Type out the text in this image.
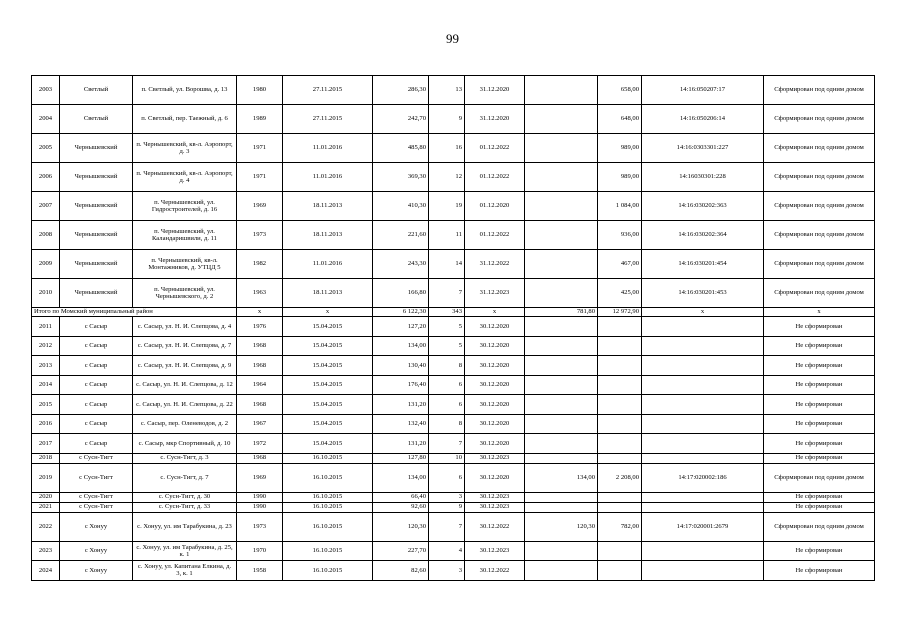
99
2003	Светлый	п. Светлый, ул. Ворошва, д. 13	1980	27.11.2015	286,30	13	31.12.2020		658,00	14:16:050207:17	Сформирован под одним домом
2004	Светлый	п. Светлый, пер. Таежный, д. 6	1989	27.11.2015	242,70	9	31.12.2020		648,00	14:16:050206:14	Сформирован под одним домом
2005	Чернышевский	п. Чернышевский, кв-л. Аэропорт, д. 3	1971	11.01.2016	485,80	16	01.12.2022		989,00	14:16:0303301:227	Сформирован под одним домом
2006	Чернышевский	п. Чернышевский, кв-л. Аэропорт, д. 4	1971	11.01.2016	369,30	12	01.12.2022		989,00	14:16030301:228	Сформирован под одним домом
2007	Чернышевский	п. Чернышевский, ул. Гидростроителей, д. 16	1969	18.11.2013	410,30	19	01.12.2020		1 084,00	14:16:030202:363	Сформирован под одним домом
2008	Чернышевский	п. Чернышевский, ул. Каландаришвили, д. 11	1973	18.11.2013	221,60	11	01.12.2022		936,00	14:16:030202:364	Сформирован под одним домом
2009	Чернышевский	п. Чернышевский, кв-л. Монтажников, д. УТЦД 5	1982	11.01.2016	243,30	14	31.12.2022		467,00	14:16:030201:454	Сформирован под одним домом
2010	Чернышевский	п. Чернышевский, ул. Чернышевского, д. 2	1963	18.11.2013	166,80	7	31.12.2023		425,00	14:16:030201:453	Сформирован под одним домом
Итого по Момский муниципальный район			х	х	6 122,30	343	х	781,80	12 972,90	х	х
2011	с Сасыр	с. Сасыр, ул. Н. И. Слепцова, д. 4	1976	15.04.2015	127,20	5	30.12.2020				Не сформирован
2012	с Сасыр	с. Сасыр, ул. Н. И. Слепцова, д. 7	1968	15.04.2015	134,00	5	30.12.2020				Не сформирован
2013	с Сасыр	с. Сасыр, ул. Н. И. Слепцова, д. 9	1968	15.04.2015	130,40	8	30.12.2020				Не сформирован
2014	с Сасыр	с. Сасыр, ул. Н. И. Слепцова, д. 12	1964	15.04.2015	176,40	6	30.12.2020				Не сформирован
2015	с Сасыр	с. Сасыр, ул. Н. И. Слепцова, д. 22	1968	15.04.2015	131,20	6	30.12.2020				Не сформирован
2016	с Сасыр	с. Сасыр, пер. Оленеводов, д. 2	1967	15.04.2015	132,40	8	30.12.2020				Не сформирован
2017	с Сасыр	с. Сасыр, мкр Спортивный, д. 10	1972	15.04.2015	131,20	7	30.12.2020				Не сформирован
2018	с Сусн-Тигт	с. Сусн-Тигт, д. 3	1968	16.10.2015	127,80	10	30.12.2023				Не сформирован
2019	с Сусн-Тигт	с. Сусн-Тигт, д. 7	1969	16.10.2015	134,00	6	30.12.2020	134,00	2 208,00	14:17:020002:186	Сформирован под одним домом
2020	с Сусн-Тигт	с. Сусн-Тигт, д. 30	1990	16.10.2015	66,40	3	30.12.2023				Не сформирован
2021	с Сусн-Тигт	с. Сусн-Тигт, д. 33	1990	16.10.2015	92,60	9	30.12.2023				Не сформирован
2022	с Хонуу	с. Хонуу, ул. им Тарабукина, д. 23	1973	16.10.2015	120,30	7	30.12.2022	120,30	782,00	14:17:020001:2679	Сформирован под одним домом
2023	с Хонуу	с. Хонуу, ул. им Тарабукина, д. 25, к. 1	1970	16.10.2015	227,70	4	30.12.2023				Не сформирован
2024	с Хонуу	с. Хонуу, ул. Капитана Елкина, д. 3, к. 1	1958	16.10.2015	82,60	3	30.12.2022				Не сформирован
